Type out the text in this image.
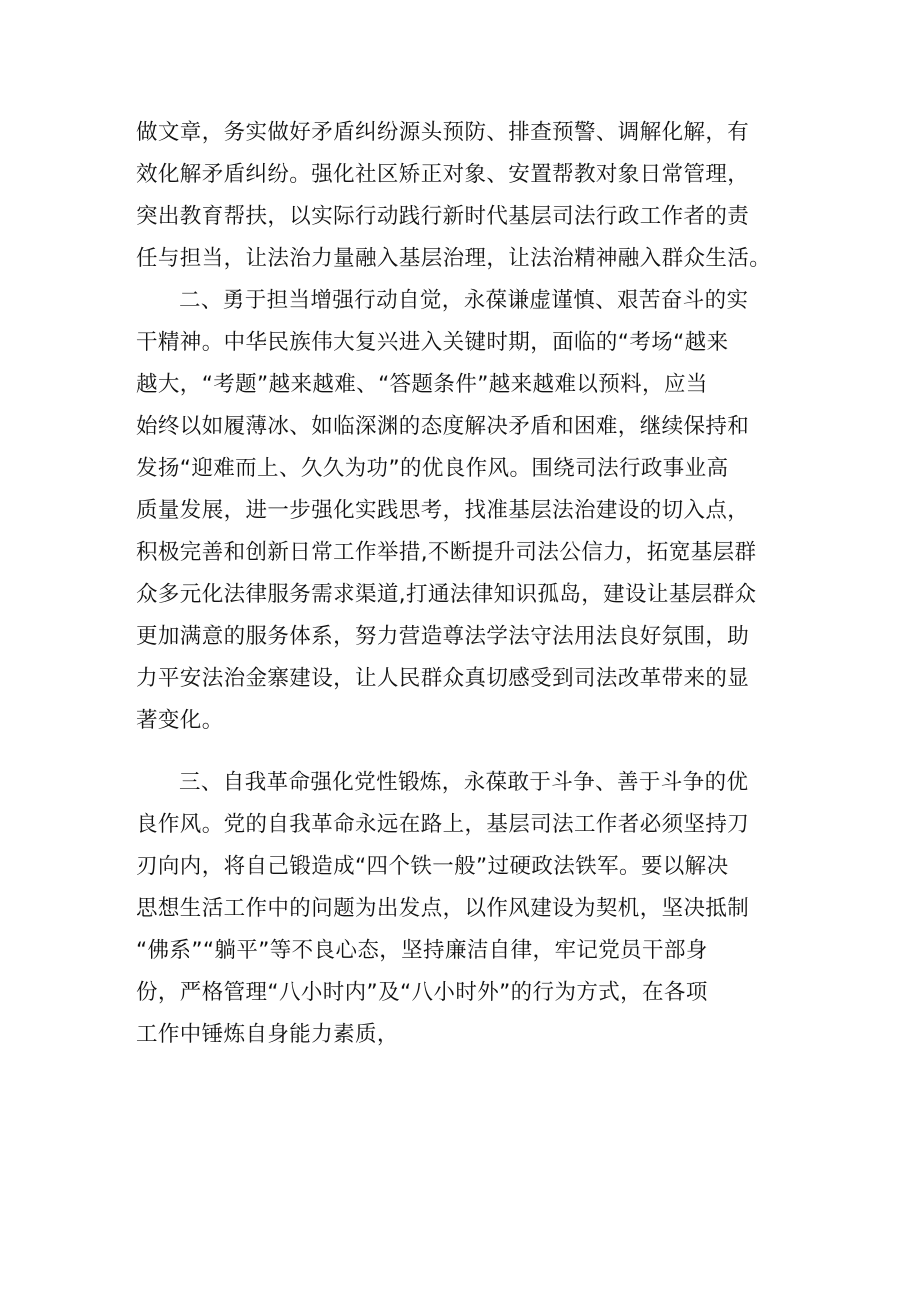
做文章，务实做好矛盾纠纷源头预防、排查预警、调解化解，有
效化解矛盾纠纷。强化社区矫正对象、安置帮教对象日常管理，
突出教育帮扶，以实际行动践行新时代基层司法行政工作者的责
任与担当，让法治力量融入基层治理，让法治精神融入群众生活。
二、勇于担当增强行动自觉，永葆谦虚谨慎、艰苦奋斗的实
干精神。中华民族伟大复兴进入关键时期，面临的“考场“越来
越大，“考题”越来越难、“答题条件”越来越难以预料，应当
始终以如履薄冰、如临深渊的态度解决矛盾和困难，继续保持和
发扬“迎难而上、久久为功”的优良作风。围绕司法行政事业高
质量发展，进一步强化实践思考，找准基层法治建设的切入点，
积极完善和创新日常工作举措,不断提升司法公信力，拓宽基层群
众多元化法律服务需求渠道,打通法律知识孤岛，建设让基层群众
更加满意的服务体系，努力营造尊法学法守法用法良好氛围，助
力平安法治金寨建设，让人民群众真切感受到司法改革带来的显
著变化。
三、自我革命强化党性锻炼，永葆敢于斗争、善于斗争的优
良作风。党的自我革命永远在路上，基层司法工作者必须坚持刀
刃向内，将自己锻造成“四个铁一般”过硬政法铁军。要以解决
思想生活工作中的问题为出发点，以作风建设为契机，坚决抵制
“佛系”“躺平”等不良心态，坚持廉洁自律，牢记党员干部身
份，严格管理“八小时内”及“八小时外”的行为方式，在各项
工作中锤炼自身能力素质，
